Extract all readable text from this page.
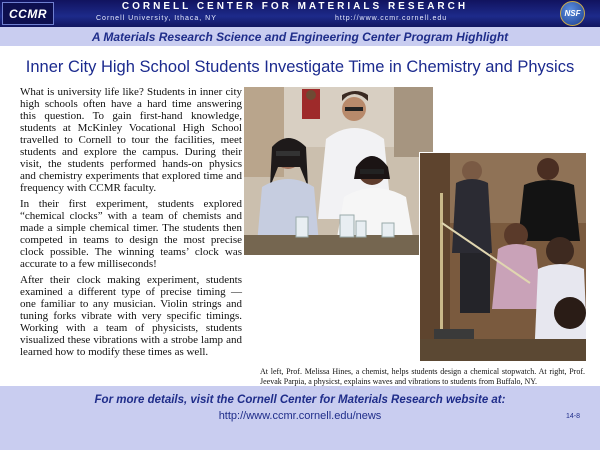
CCMR
CORNELL CENTER FOR MATERIALS RESEARCH
Cornell University, Ithaca, NY	http://www.ccmr.cornell.edu
NSF
A Materials Research Science and Engineering Center Program Highlight
Inner City High School Students Investigate Time in Chemistry and Physics

What is university life like? Students in inner city high schools often have a hard time answering this question. To gain first-hand knowledge, students at McKinley Vocational High School travelled to Cornell to tour the facilities, meet students and explore the campus. During their visit, the students performed hands-on physics and chemistry experiments that explored time and frequency with CCMR faculty.

In their first experiment, students explored “chemical clocks” with a team of chemists and made a simple chemical timer. The students then competed in teams to design the most precise clock possible. The winning teams’ clock was accurate to a few milliseconds!

After their clock making experiment, students examined a different type of precise timing — one familiar to any musician. Violin strings and tuning forks vibrate with very specific timings. Working with a team of physicists, students visualized these vibrations with a strobe lamp and learned how to modify these times as well.

At left, Prof. Melissa Hines, a chemist, helps students design a chemical stopwatch. At right, Prof. Jeevak Parpia, a physicst, explains waves and vibrations to students from Buffalo, NY.
For more details, visit the Cornell Center for Materials Research website at:
http://www.ccmr.cornell.edu/news	14-8
